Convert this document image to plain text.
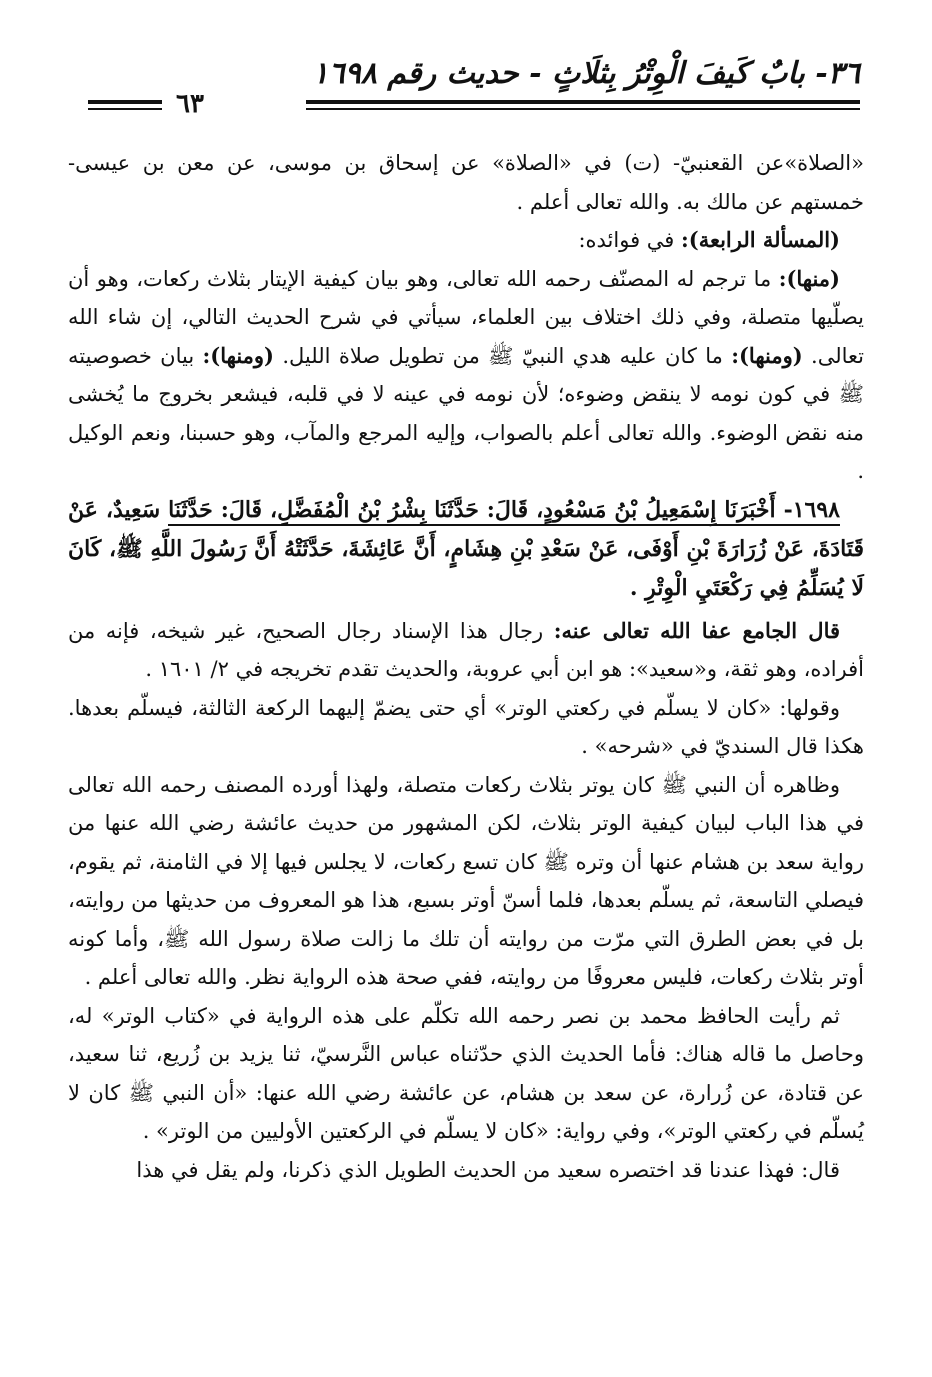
٣٦- بابٌ كَيفَ الْوِتْرُ بِثلَاثٍ - حديث رقم ١٦٩٨
٦٣

«الصلاة»عن القعنبيّ- (ت) في «الصلاة» عن إسحاق بن موسى، عن معن بن عيسى- خمستهم عن مالك به. والله تعالى أعلم .

(المسألة الرابعة): في فوائده:

(منها): ما ترجم له المصنّف رحمه الله تعالى، وهو بيان كيفية الإيتار بثلاث ركعات، وهو أن يصلّيها متصلة، وفي ذلك اختلاف بين العلماء، سيأتي في شرح الحديث التالي، إن شاء الله تعالى. (ومنها): ما كان عليه هدي النبيّ ﷺ من تطويل صلاة الليل. (ومنها): بيان خصوصيته ﷺ في كون نومه لا ينقض وضوءه؛ لأن نومه في عينه لا في قلبه، فيشعر بخروج ما يُخشى منه نقض الوضوء. والله تعالى أعلم بالصواب، وإليه المرجع والمآب، وهو حسبنا، ونعم الوكيل .

١٦٩٨- أَخْبَرَنَا إِسْمَعِيلُ بْنُ مَسْعُودٍ، قَالَ: حَدَّثَنَا بِشْرُ بْنُ الْمُفَضَّلِ، قَالَ: حَدَّثَنَا سَعِيدٌ، عَنْ قَتَادَةَ، عَنْ زُرَارَةَ بْنِ أَوْفَى، عَنْ سَعْدِ بْنِ هِشَامٍ، أَنَّ عَائِشَةَ، حَدَّثَتْهُ أَنَّ رَسُولَ اللَّهِ ﷺ، كَانَ لَا يُسَلِّمُ فِي رَكْعَتَيِ الْوِتْرِ .

قال الجامع عفا الله تعالى عنه: رجال هذا الإسناد رجال الصحيح، غير شيخه، فإنه من أفراده، وهو ثقة، و«سعيد»: هو ابن أبي عروبة، والحديث تقدم تخريجه في ٢/ ١٦٠١ .

وقولها: «كان لا يسلّم في ركعتي الوتر» أي حتى يضمّ إليهما الركعة الثالثة، فيسلّم بعدها. هكذا قال السنديّ في «شرحه» .

وظاهره أن النبي ﷺ كان يوتر بثلاث ركعات متصلة، ولهذا أورده المصنف رحمه الله تعالى في هذا الباب لبيان كيفية الوتر بثلاث، لكن المشهور من حديث عائشة رضي الله عنها من رواية سعد بن هشام عنها أن وتره ﷺ كان تسع ركعات، لا يجلس فيها إلا في الثامنة، ثم يقوم، فيصلي التاسعة، ثم يسلّم بعدها، فلما أسنّ أوتر بسبع، هذا هو المعروف من حديثها من روايته، بل في بعض الطرق التي مرّت من روايته أن تلك ما زالت صلاة رسول الله ﷺ، وأما كونه أوتر بثلاث ركعات، فليس معروفًا من روايته، ففي صحة هذه الرواية نظر. والله تعالى أعلم .

ثم رأيت الحافظ محمد بن نصر رحمه الله تكلّم على هذه الرواية في «كتاب الوتر» له، وحاصل ما قاله هناك: فأما الحديث الذي حدّثناه عباس النَّرسيّ، ثنا يزيد بن زُريع، ثنا سعيد، عن قتادة، عن زُرارة، عن سعد بن هشام، عن عائشة رضي الله عنها: «أن النبي ﷺ كان لا يُسلّم في ركعتي الوتر»، وفي رواية: «كان لا يسلّم في الركعتين الأوليين من الوتر» .

قال: فهذا عندنا قد اختصره سعيد من الحديث الطويل الذي ذكرنا، ولم يقل في هذا
